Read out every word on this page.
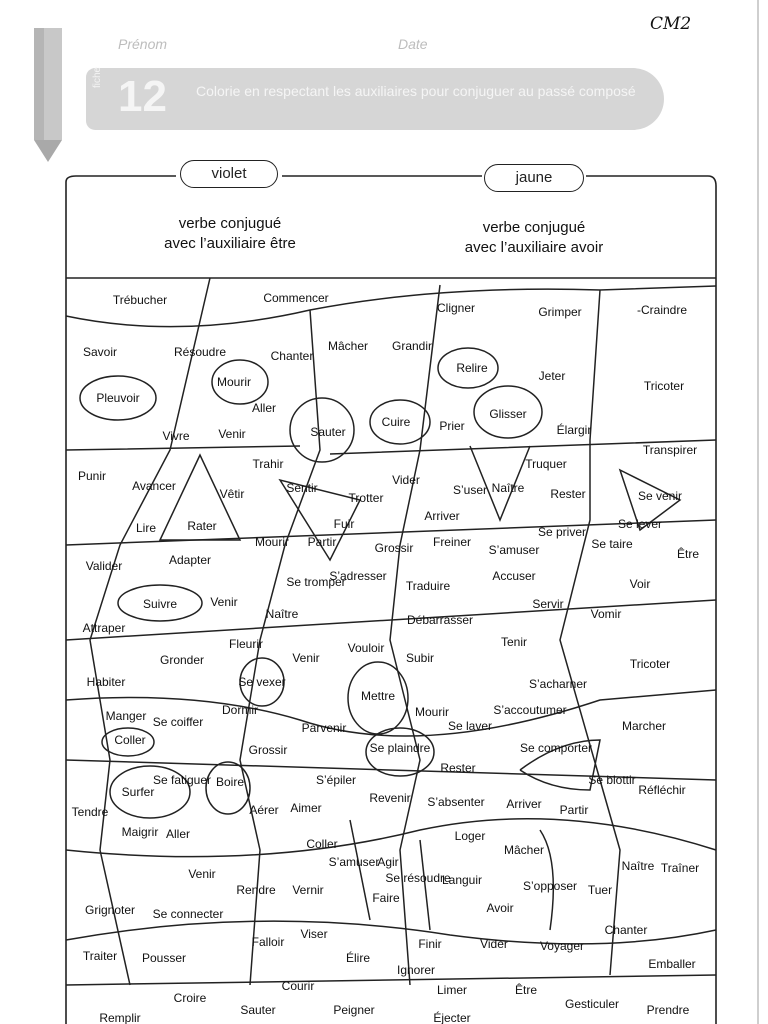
CM2
Prénom	Date
fiche 12 Colorie en respectant les auxiliaires pour conjuguer au passé composé
violet	jaune
verbe conjugué
avec l’auxiliaire être
verbe conjugué
avec l’auxiliaire avoir
Trébucher	Commencer
Cligner	Grimper	-Craindre
Savoir	Résoudre	Chanter
Mâcher Grandir
Relire
Jeter
Tricoter
Pleuvoir
Mourir
Aller
Sauter
Cuire Prier
Glisser
Élargir
Vivre Venir
Transpirer
Punir
Avancer
Trahir
Vêtir	Sentir
Trotter
Vider
S’user Naître
Truquer
Rester	Se venir
Lire	Rater	Fuir
Arriver
Se priver
Se taire
Se lever
Être
Valider	Adapter
Mourir Partir	Grossir Freiner
S’amuser
Se tromper
S’adresser
Traduire
Accuser
Voir
Suivre	Venir
Naître
Servir
Vomir
Attraper
Débarrasser
Fleurir	Vouloir	Tenir
Gronder
Se vexer
Venir	Subir	Tricoter
Habiter	S’acharner
Mettre
Manger Se coiffer
Dormir	Mourir
Se laver
S’accoutumer
Marcher
Coller
Parvenir
Grossir	Se plaindre	Se comporter
Rester
Se fatiguer Boire	S’épiler
Surfer
Se blottir
Réfléchir
Revenir S’absenter Arriver Partir
Tendre	Aérer Aimer
Maigrir Aller	Loger
Coller	Mâcher
S’amuser
Agir
Venir
Naître
S’opposer
Traîner
Languir
Rendre Vernir
Faire
Se résoudre
Tuer
Avoir
Grignoter Se connecter
Chanter
Falloir
Viser
Finir	Vider	Voyager
Traiter Pousser	Élire
Ignorer	Emballer
Courir	Limer	Être
Croire	Gesticuler
Sauter	Peigner	Prendre
Remplir	Éjecter
